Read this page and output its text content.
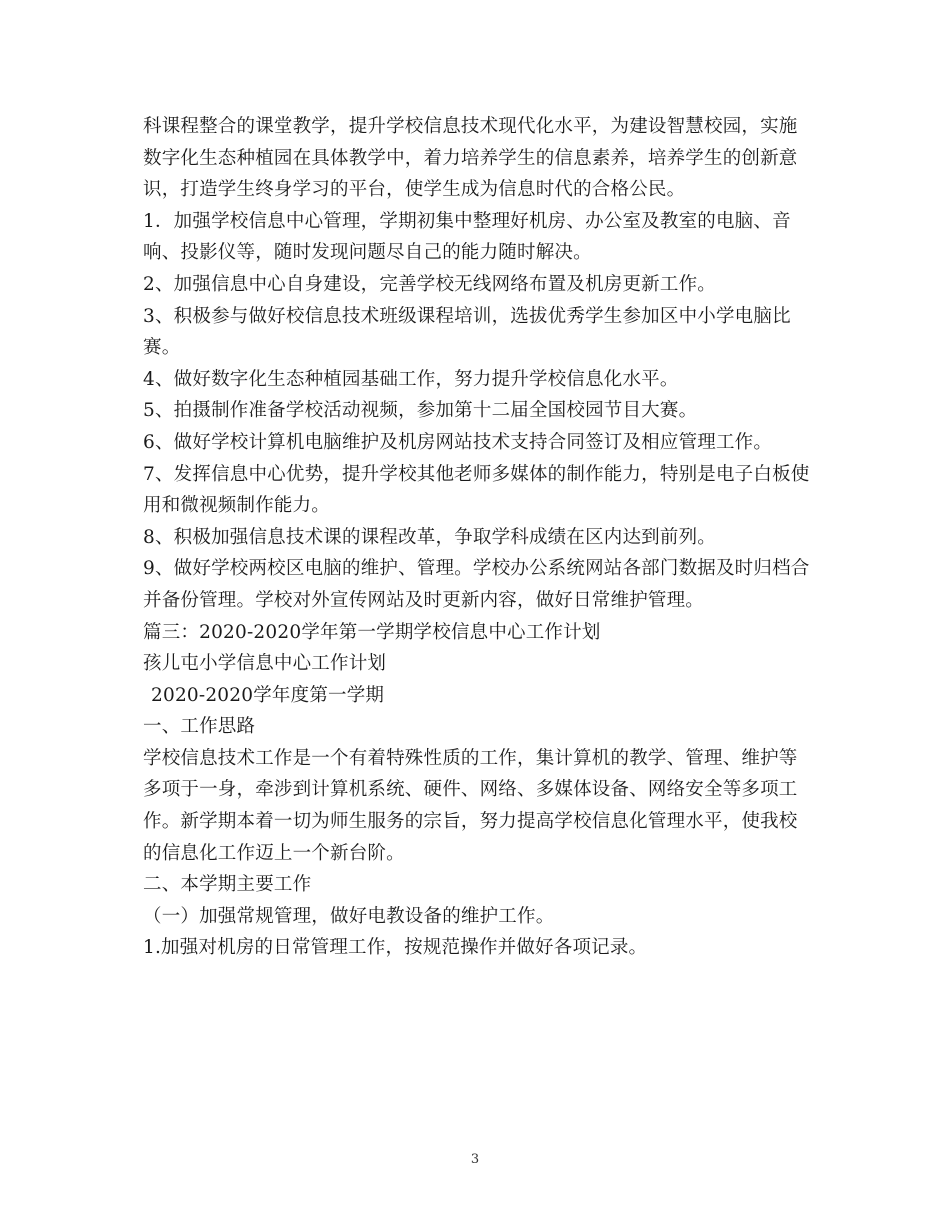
科课程整合的课堂教学，提升学校信息技术现代化水平，为建设智慧校园，实施
数字化生态种植园在具体教学中，着力培养学生的信息素养，培养学生的创新意
识，打造学生终身学习的平台，使学生成为信息时代的合格公民。
1．加强学校信息中心管理，学期初集中整理好机房、办公室及教室的电脑、音
响、投影仪等，随时发现问题尽自己的能力随时解决。
2、加强信息中心自身建设，完善学校无线网络布置及机房更新工作。
3、积极参与做好校信息技术班级课程培训，选拔优秀学生参加区中小学电脑比
赛。
4、做好数字化生态种植园基础工作，努力提升学校信息化水平。
5、拍摄制作准备学校活动视频，参加第十二届全国校园节目大赛。
6、做好学校计算机电脑维护及机房网站技术支持合同签订及相应管理工作。
7、发挥信息中心优势，提升学校其他老师多媒体的制作能力，特别是电子白板使
用和微视频制作能力。
8、积极加强信息技术课的课程改革，争取学科成绩在区内达到前列。
9、做好学校两校区电脑的维护、管理。学校办公系统网站各部门数据及时归档合
并备份管理。学校对外宣传网站及时更新内容，做好日常维护管理。
篇三：2020-2020学年第一学期学校信息中心工作计划
孩儿屯小学信息中心工作计划
2020-2020学年度第一学期
一、工作思路
学校信息技术工作是一个有着特殊性质的工作，集计算机的教学、管理、维护等
多项于一身，牵涉到计算机系统、硬件、网络、多媒体设备、网络安全等多项工
作。新学期本着一切为师生服务的宗旨，努力提高学校信息化管理水平，使我校
的信息化工作迈上一个新台阶。
二、本学期主要工作
（一）加强常规管理，做好电教设备的维护工作。
1.加强对机房的日常管理工作，按规范操作并做好各项记录。
3
